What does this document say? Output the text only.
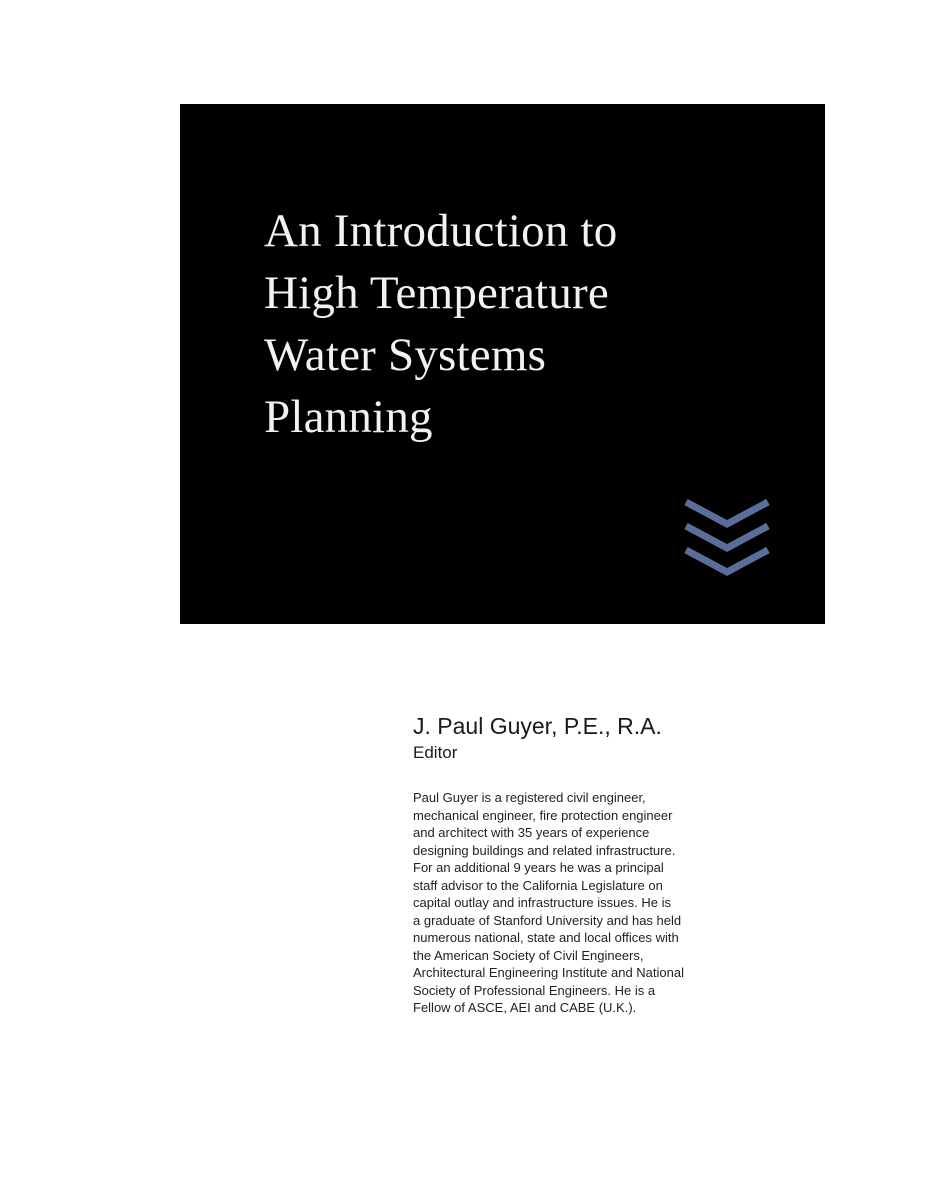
An Introduction to
High Temperature
Water Systems
Planning
J. Paul Guyer, P.E., R.A.
Editor
Paul Guyer is a registered civil engineer,
mechanical engineer, fire protection engineer
and architect with 35 years of experience
designing buildings and related infrastructure.
For an additional 9 years he was a principal
staff advisor to the California Legislature on
capital outlay and infrastructure issues. He is
a graduate of Stanford University and has held
numerous national, state and local offices with
the American Society of Civil Engineers,
Architectural Engineering Institute and National
Society of Professional Engineers. He is a
Fellow of ASCE, AEI and CABE (U.K.).
